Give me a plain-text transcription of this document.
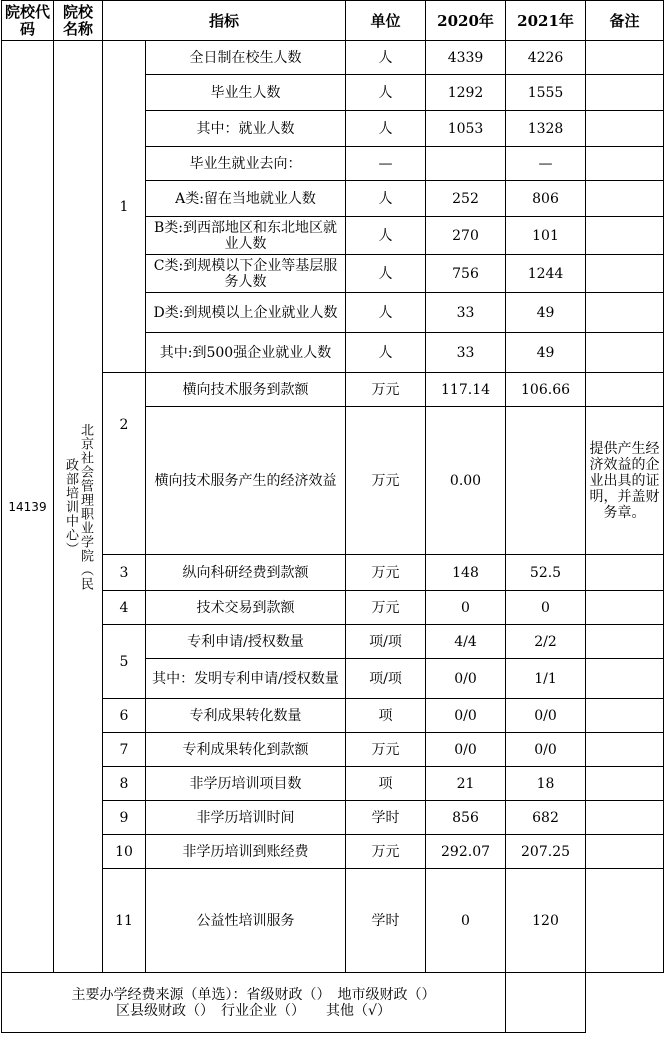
院校代码	院校名称	指标		单位	2020年	2021年	备注
14139	北京社会管理职业学院（民政部培训中心）	1	全日制在校生人数	人	4339	4226	
			毕业生人数	人	1292	1555	
			其中：就业人数	人	1053	1328	
			毕业生就业去向：	—		—	
			A类:留在当地就业人数	人	252	806	
			B类:到西部地区和东北地区就业人数	人	270	101	
			C类:到规模以下企业等基层服务人数	人	756	1244	
			D类:到规模以上企业就业人数	人	33	49	
			其中:到500强企业就业人数	人	33	49	
		2	横向技术服务到款额	万元	117.14	106.66	
			横向技术服务产生的经济效益	万元	0.00		提供产生经济效益的企业出具的证明，并盖财务章。
		3	纵向科研经费到款额	万元	148	52.5	
		4	技术交易到款额	万元	0	0	
		5	专利申请/授权数量	项/项	4/4	2/2	
			其中：发明专利申请/授权数量	项/项	0/0	1/1	
		6	专利成果转化数量	项	0/0	0/0	
		7	专利成果转化到款额	万元	0/0	0/0	
		8	非学历培训项目数	项	21	18	
		9	非学历培训时间	学时	856	682	
		10	非学历培训到账经费	万元	292.07	207.25	
		11	公益性培训服务	学时	0	120	

主要办学经费来源（单选）：省级财政（）　地市级财政（）
区县级财政（）　行业企业（）　　其他（√）							
